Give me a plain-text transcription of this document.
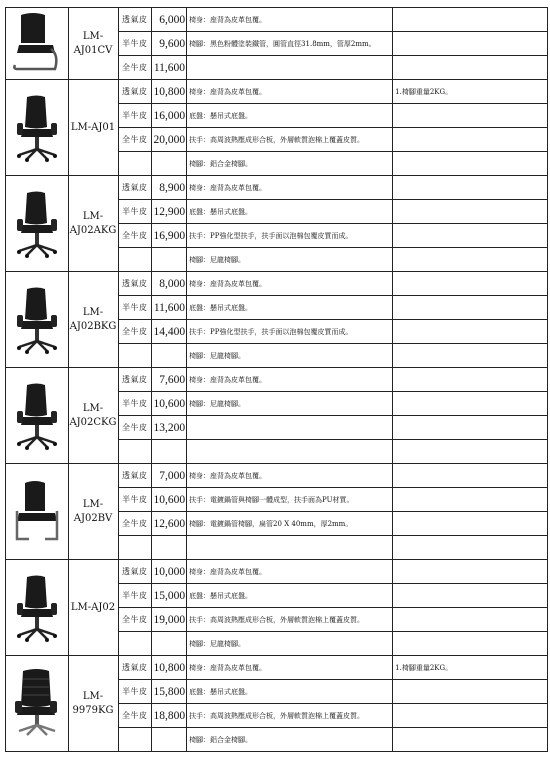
LM-AJ01CV
透氣皮	6,000 椅身：座背為皮革包覆。
半牛皮	9,600 椅腳：黑色粉體塗裝鐵管，圓管直徑31.8mm，管厚2mm。
全牛皮 11,600
LM-AJ01
透氣皮 10,800 椅身：座背為皮革包覆。	1.椅腳重量2KG。
半牛皮 16,000 底盤：懸吊式底盤。
全牛皮 20,000 扶手：高周波熱壓成形合板，外層軟質泡棉上覆蓋皮質。
椅腳：鋁合金椅腳。
LM-AJ02AKG
透氣皮	8,900 椅身：座背為皮革包覆。
半牛皮 12,900 底盤：懸吊式底盤。
全牛皮 16,900 扶手：PP強化型扶手，扶手面以泡棉包覆皮質而成。
椅腳：尼龍椅腳。
LM-AJ02BKG
透氣皮	8,000 椅身：座背為皮革包覆。
半牛皮 11,600 底盤：懸吊式底盤。
全牛皮 14,400 扶手：PP強化型扶手，扶手面以泡棉包覆皮質而成。
椅腳：尼龍椅腳。
LM-AJ02CKG
透氣皮	7,600 椅身：座背為皮革包覆。
半牛皮 10,600 椅腳：尼龍椅腳。
全牛皮 13,200
LM-AJ02BV
透氣皮	7,000 椅身：座背為皮革包覆。
半牛皮 10,600 扶手：電鍍鍋管與椅腳一體成型，扶手面為PU材質。
全牛皮 12,600 椅腳：電鍍鍋管椅腳，扁管20 X 40mm，厚2mm。
LM-AJ02
透氣皮 10,000 椅身：座背為皮革包覆。
半牛皮 15,000 底盤：懸吊式底盤。
全牛皮 19,000 扶手：高周波熱壓成形合板，外層軟質泡棉上覆蓋皮質。
椅腳：尼龍椅腳。
LM-9979KG
透氣皮 10,800 椅身：座背為皮革包覆。	1.椅腳重量2KG。
半牛皮 15,800 底盤：懸吊式底盤。
全牛皮 18,800 扶手：高周波熱壓成形合板，外層軟質泡棉上覆蓋皮質。
椅腳：鋁合金椅腳。
